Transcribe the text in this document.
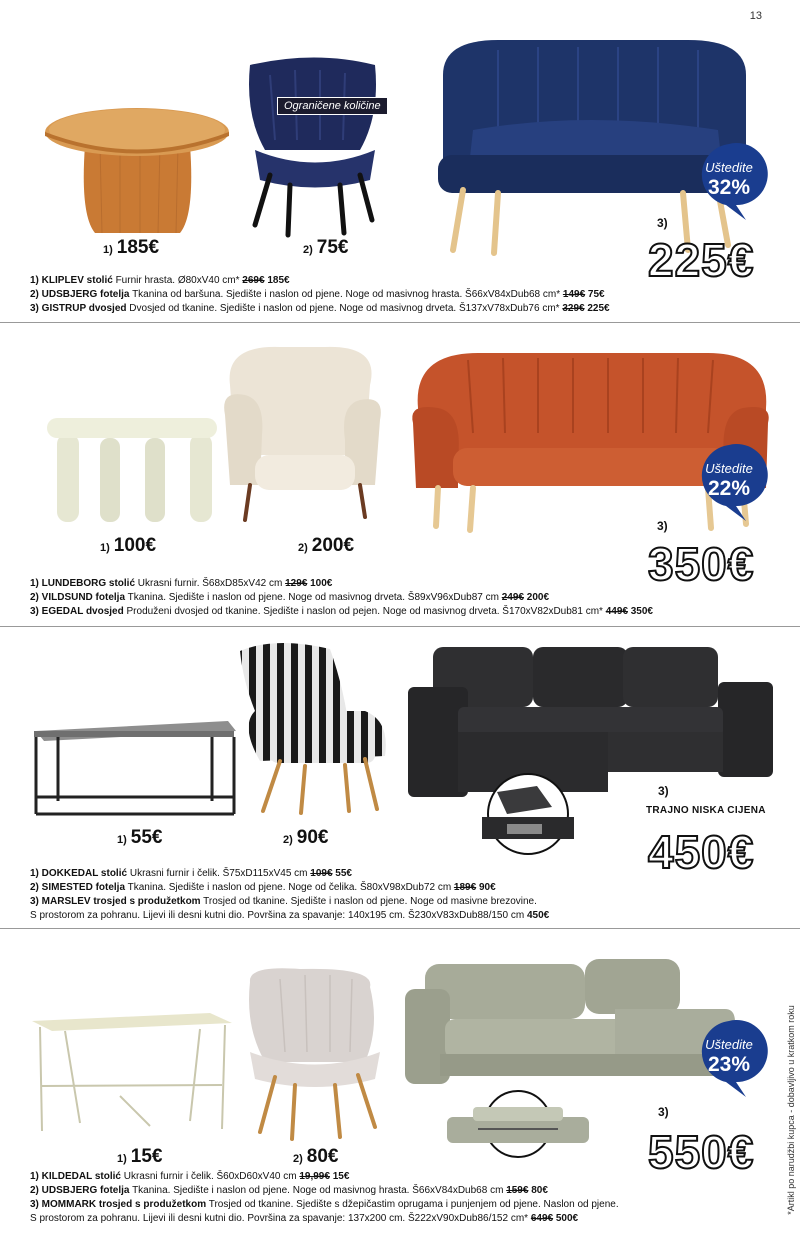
13
*Artikl po narudžbi kupca - dobavljivo u kratkom roku
Ograničene količine
1) 185€	2) 75€
3)
225€
Uštedite
32%
1) KLIPLEV stolić Furnir hrasta. Ø80xV40 cm* 269€ 185€
2) UDSBJERG fotelja Tkanina od baršuna. Sjedište i naslon od pjene. Noge od masivnog hrasta. Š66xV84xDub68 cm* 149€ 75€
3) GISTRUP dvosjed Dvosjed od tkanine. Sjedište i naslon od pjene. Noge od masivnog drveta. Š137xV78xDub76 cm* 329€ 225€
1) 100€	2) 200€
3)
350€
Uštedite
22%
1) LUNDEBORG stolić Ukrasni furnir. Š68xD85xV42 cm 129€ 100€
2) VILDSUND fotelja Tkanina. Sjedište i naslon od pjene. Noge od masivnog drveta. Š89xV96xDub87 cm 249€ 200€
3) EGEDAL dvosjed Produženi dvosjed od tkanine. Sjedište i naslon od pejen. Noge od masivnog drveta. Š170xV82xDub81 cm* 449€ 350€
1) 55€	2) 90€
3)
TRAJNO NISKA CIJENA
450€
1) DOKKEDAL stolić Ukrasni furnir i čelik. Š75xD115xV45 cm 109€ 55€
2) SIMESTED fotelja Tkanina. Sjedište i naslon od pjene. Noge od čelika. Š80xV98xDub72 cm 189€ 90€
3) MARSLEV trosjed s produžetkom Trosjed od tkanine. Sjedište i naslon od pjene. Noge od masivne brezovine.
S prostorom za pohranu. Lijevi ili desni kutni dio. Površina za spavanje: 140x195 cm. Š230xV83xDub88/150 cm 450€
1) 15€	2) 80€
3)
550€
Uštedite
23%
1) KILDEDAL stolić Ukrasni furnir i čelik. Š60xD60xV40 cm 19,99€ 15€
2) UDSBJERG fotelja Tkanina. Sjedište i naslon od pjene. Noge od masivnog hrasta. Š66xV84xDub68 cm 159€ 80€
3) MOMMARK trosjed s produžetkom Trosjed od tkanine. Sjedište s džepičastim oprugama i punjenjem od pjene. Naslon od pjene.
S prostorom za pohranu. Lijevi ili desni kutni dio. Površina za spavanje: 137x200 cm. Š222xV90xDub86/152 cm* 649€ 500€
